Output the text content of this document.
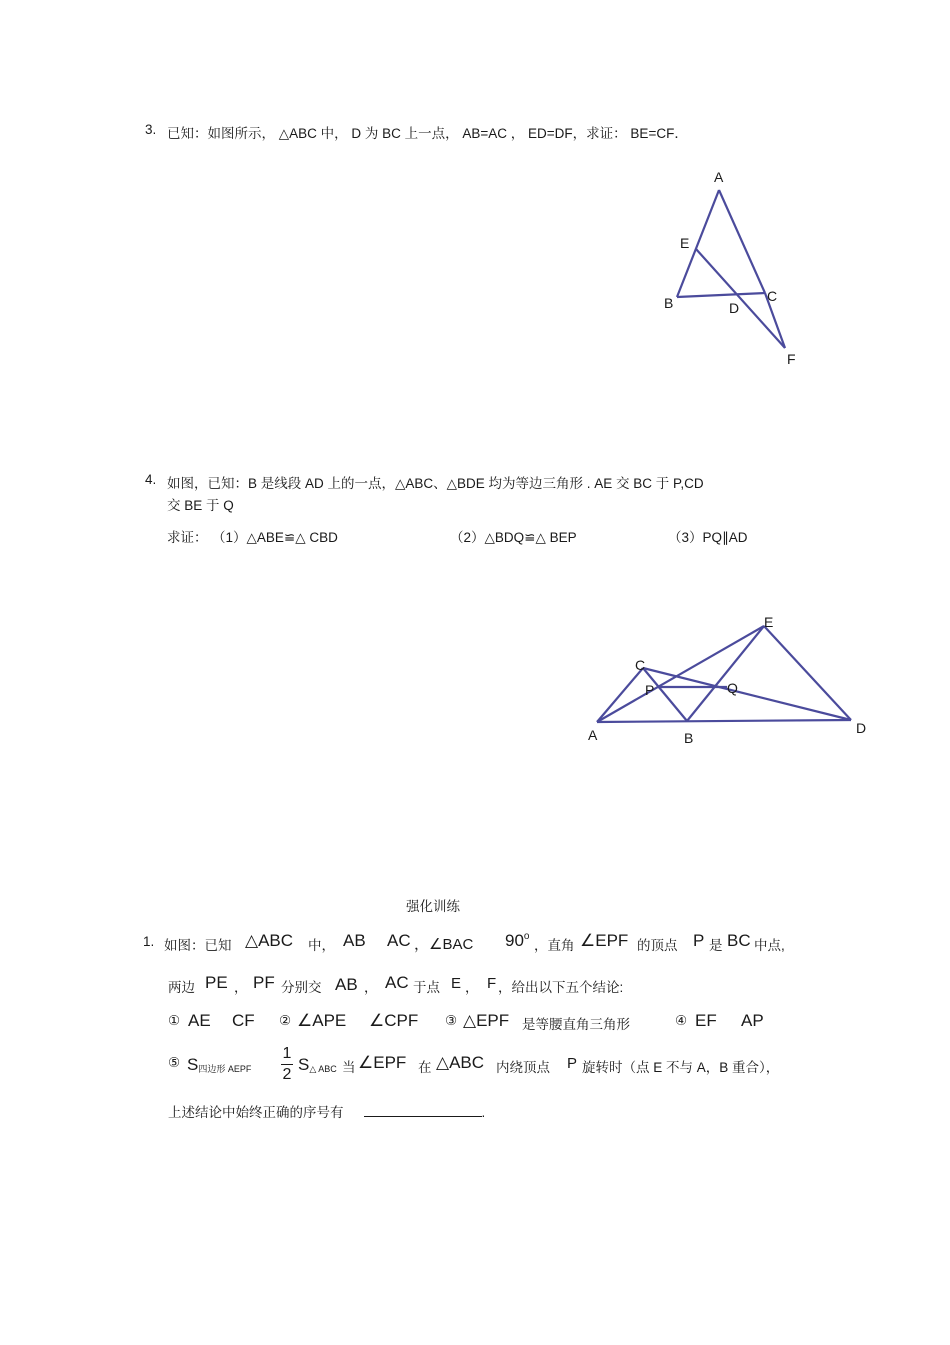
3. 已知：如图所示， △ABC 中， D 为 BC 上一点， AB=AC ， ED=DF，求证： BE=CF．
A
E
B	D
C
F
4. 如图，已知：B 是线段 AD 上的一点，△ABC、△BDE 均为等边三角形 . AE 交 BC 于 P,CD
交 BE 于 Q
求证： （1）△ABE≌△ CBD	（2）△BDQ≌△ BEP	（3）PQ∥AD
E
C
P	Q
A	B
D
强化训练
1. 如图：已知 △ABC 中， AB AC ，∠BAC 90$^o$
，直角 ∠EPF 的顶点 P 是 BC 中点,
两边 PE ， PF 分别交 AB ， AC 于点 E ， F ，给出以下五个结论:
① AE CF ② ∠APE ∠CPF ③ △EPF 是等腰直角三角形	④ EF AP
⑤ $S_{四边形 AEPF}$
1
2
$S_{\triangle ABC}$ 当 ∠EPF 在 △ABC 内绕顶点 P 旋转时（点 E 不与 A，B 重合），
上述结论中始终正确的序号有	.
